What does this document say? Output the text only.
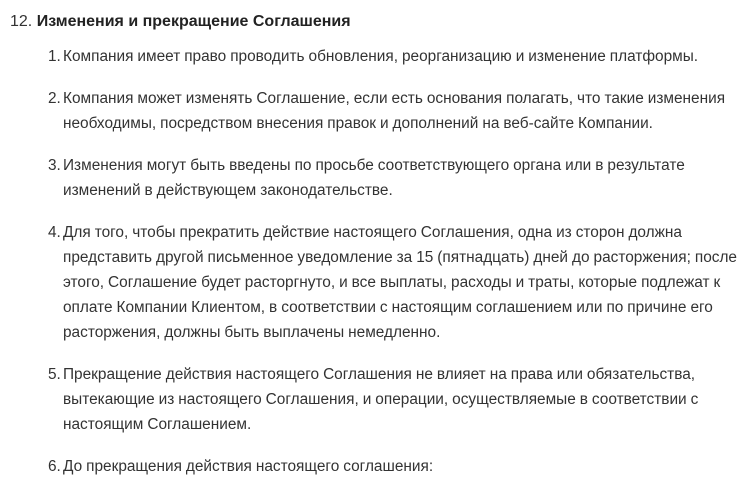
12. Изменения и прекращение Соглашения
1. Компания имеет право проводить обновления, реорганизацию и изменение платформы.
2. Компания может изменять Соглашение, если есть основания полагать, что такие изменения необходимы, посредством внесения правок и дополнений на веб-сайте Компании.
3. Изменения могут быть введены по просьбе соответствующего органа или в результате изменений в действующем законодательстве.
4. Для того, чтобы прекратить действие настоящего Соглашения, одна из сторон должна представить другой письменное уведомление за 15 (пятнадцать) дней до расторжения; после этого, Соглашение будет расторгнуто, и все выплаты, расходы и траты, которые подлежат к оплате Компании Клиентом, в соответствии с настоящим соглашением или по причине его расторжения, должны быть выплачены немедленно.
5. Прекращение действия настоящего Соглашения не влияет на права или обязательства, вытекающие из настоящего Соглашения, и операции, осуществляемые в соответствии с настоящим Соглашением.
6. До прекращения действия настоящего соглашения:
